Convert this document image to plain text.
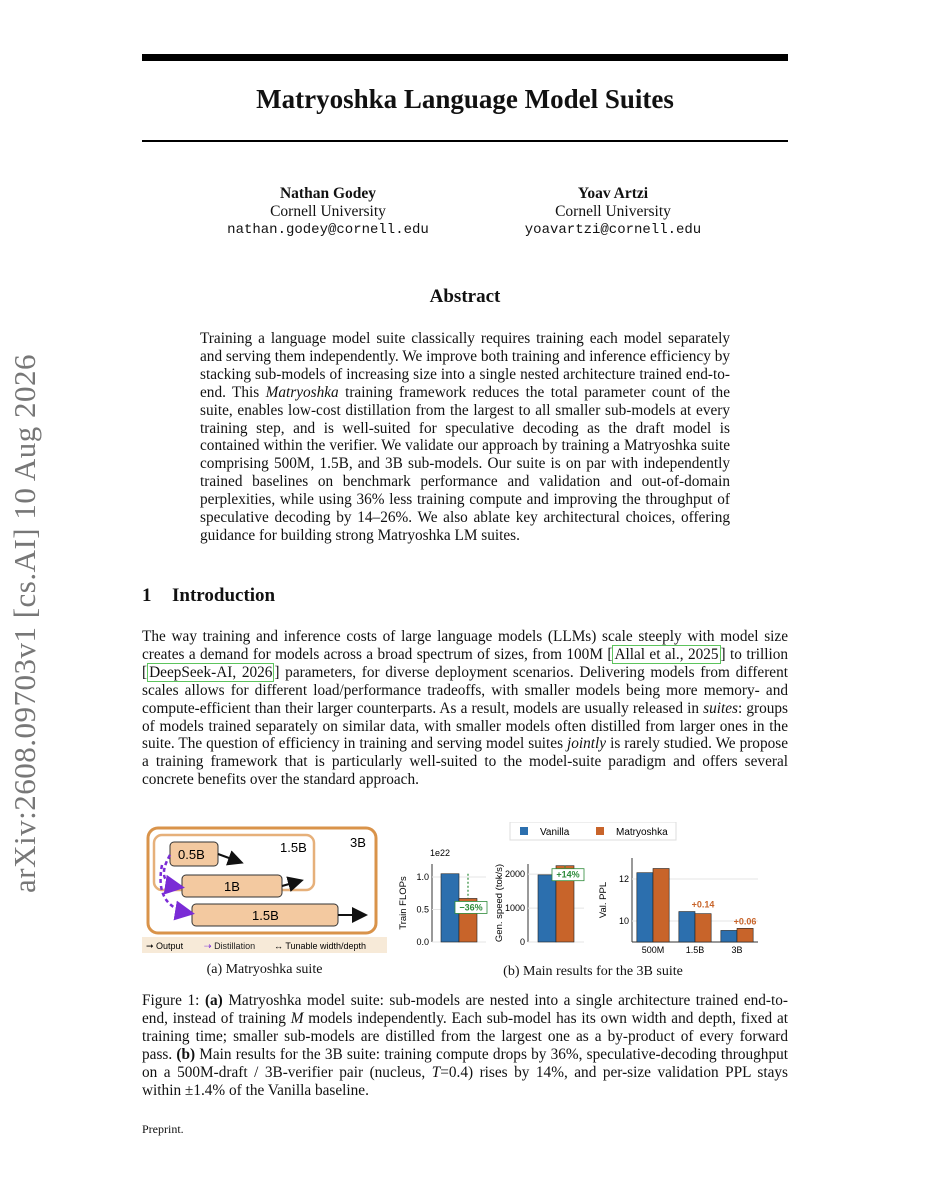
arXiv:2608.09703v1 [cs.AI] 10 Aug 2026
Matryoshka Language Model Suites
Nathan Godey
Cornell University
nathan.godey@cornell.edu
Yoav Artzi
Cornell University
yoavartzi@cornell.edu
Abstract
Training a language model suite classically requires training each model separately and serving them independently. We improve both training and inference efficiency by stacking sub-models of increasing size into a single nested architecture trained end-to-end. This Matryoshka training framework reduces the total parameter count of the suite, enables low-cost distillation from the largest to all smaller sub-models at every training step, and is well-suited for speculative decoding as the draft model is contained within the verifier. We validate our approach by training a Matryoshka suite comprising 500M, 1.5B, and 3B sub-models. Our suite is on par with independently trained baselines on benchmark performance and validation and out-of-domain perplexities, while using 36% less training compute and improving the throughput of speculative decoding by 14–26%. We also ablate key architectural choices, offering guidance for building strong Matryoshka LM suites.
1 Introduction
The way training and inference costs of large language models (LLMs) scale steeply with model size creates a demand for models across a broad spectrum of sizes, from 100M [ Allal et al., 2025 ] to trillion [ DeepSeek-AI, 2026 ] parameters, for diverse deployment scenarios. Delivering models from different scales allows for different load/performance tradeoffs, with smaller models being more memory- and compute-efficient than their larger counterparts. As a result, models are usually released in suites: groups of models trained separately on similar data, with smaller models often distilled from larger ones in the suite. The question of efficiency in training and serving model suites jointly is rarely studied. We propose a training framework that is particularly well-suited to the model-suite paradigm and offers several concrete benefits over the standard approach.
3B
1.5B
0.5B
1B
1.5B
➞ Output ⇢ Distillation ↔ Tunable width/depth
(a) Matryoshka suite
Vanilla	Matryoshka
0.0
0.5
1.0
Train FLOPs
1e22
−36%
0
1000
2000
Gen. speed (tok/s)	+14%
10
12
Val. PPL
500M 1.5B	3B
+0.14
+0.06
(b) Main results for the 3B suite
Figure 1: (a) Matryoshka model suite: sub-models are nested into a single architecture trained end-to-end, instead of training M models independently. Each sub-model has its own width and depth, fixed at training time; smaller sub-models are distilled from the largest one as a by-product of every forward pass. (b) Main results for the 3B suite: training compute drops by 36%, speculative-decoding throughput on a 500M-draft / 3B-verifier pair (nucleus, T=0.4) rises by 14%, and per-size validation PPL stays within ±1.4% of the Vanilla baseline.
Preprint.
